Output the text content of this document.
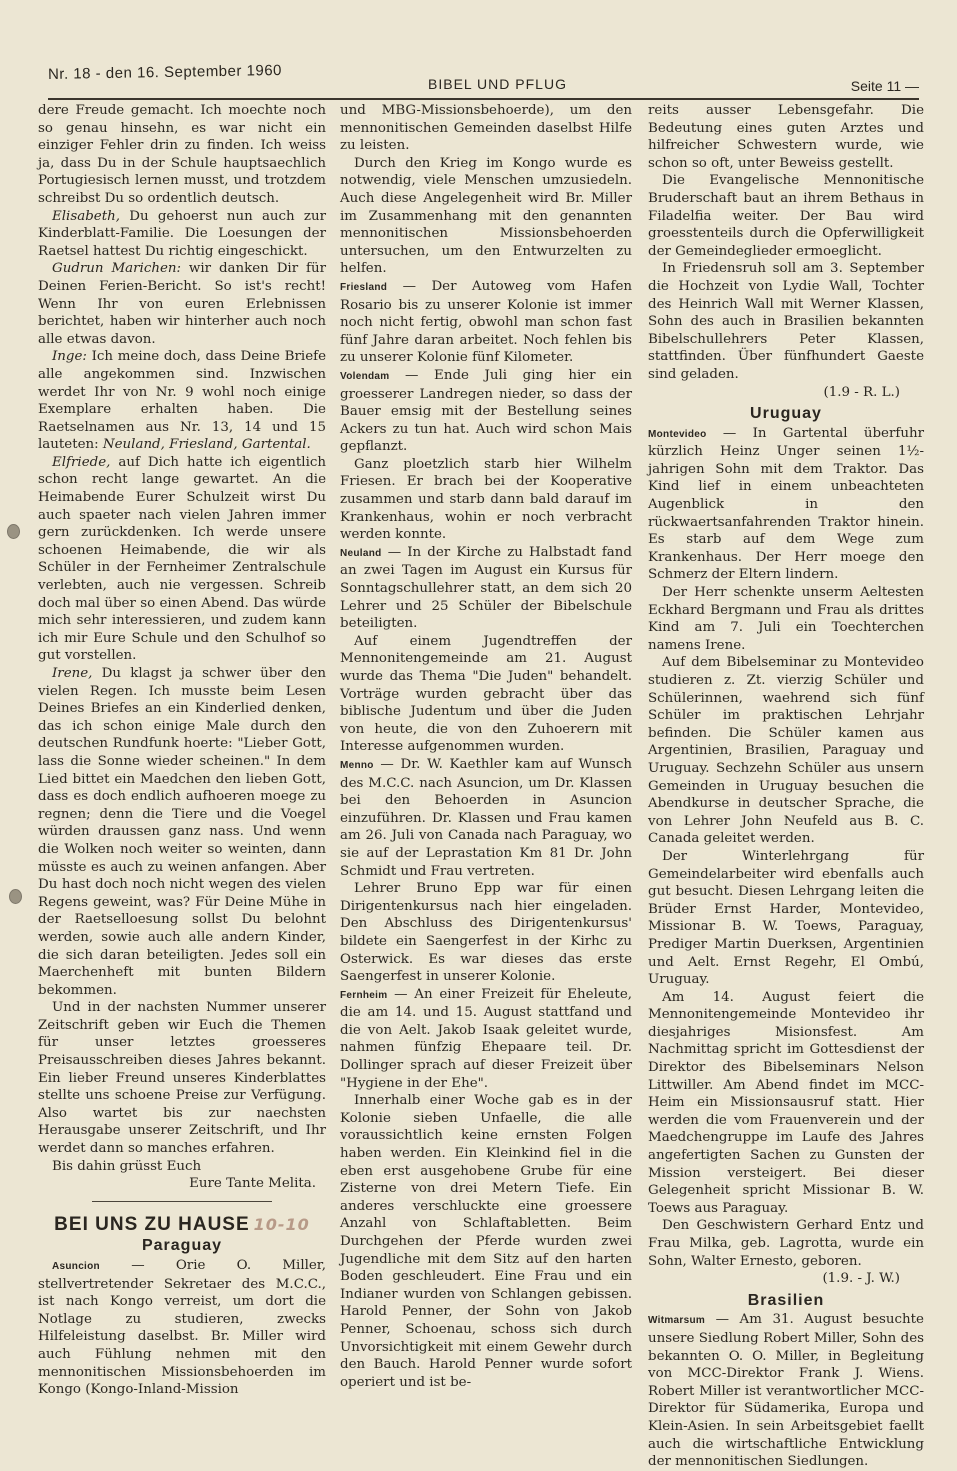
Nr. 18 - den 16. September 1960
BIBEL UND PFLUG	Seite 11 —

dere Freude gemacht. Ich moechte noch so genau hinsehn, es war nicht ein einziger Fehler drin zu finden. Ich weiss ja, dass Du in der Schule hauptsaechlich Portugiesisch lernen musst, und trotzdem schreibst Du so ordentlich deutsch.

Elisabeth, Du gehoerst nun auch zur Kinderblatt-Familie. Die Loesungen der Raetsel hattest Du richtig eingeschickt.

Gudrun Marichen: wir danken Dir für Deinen Ferien-Bericht. So ist's recht! Wenn Ihr von euren Erlebnissen berichtet, haben wir hinterher auch noch alle etwas davon.

Inge: Ich meine doch, dass Deine Briefe alle angekommen sind. Inzwischen werdet Ihr von Nr. 9 wohl noch einige Exemplare erhalten haben. Die Raetselnamen aus Nr. 13, 14 und 15 lauteten: Neuland, Friesland, Gartental.

Elfriede, auf Dich hatte ich eigentlich schon recht lange gewartet. An die Heimabende Eurer Schulzeit wirst Du auch spaeter nach vielen Jahren immer gern zurückdenken. Ich werde unsere schoenen Heimabende, die wir als Schüler in der Fernheimer Zentralschule verlebten, auch nie vergessen. Schreib doch mal über so einen Abend. Das würde mich sehr interessieren, und zudem kann ich mir Eure Schule und den Schulhof so gut vorstellen.

Irene, Du klagst ja schwer über den vielen Regen. Ich musste beim Lesen Deines Briefes an ein Kinderlied denken, das ich schon einige Male durch den deutschen Rundfunk hoerte: "Lieber Gott, lass die Sonne wieder scheinen." In dem Lied bittet ein Maedchen den lieben Gott, dass es doch endlich aufhoeren moege zu regnen; denn die Tiere und die Voegel würden draussen ganz nass. Und wenn die Wolken noch weiter so weinten, dann müsste es auch zu weinen anfangen. Aber Du hast doch noch nicht wegen des vielen Regens geweint, was? Für Deine Mühe in der Raetselloesung sollst Du belohnt werden, sowie auch alle andern Kinder, die sich daran beteiligten. Jedes soll ein Maerchenheft mit bunten Bildern bekommen.

Und in der nachsten Nummer unserer Zeitschrift geben wir Euch die Themen für unser letztes groesseres Preisausschreiben dieses Jahres bekannt. Ein lieber Freund unseres Kinderblattes stellte uns schoene Preise zur Verfügung. Also wartet bis zur naechsten Herausgabe unserer Zeitschrift, und Ihr werdet dann so manches erfahren.

Bis dahin grüsst Euch

Eure Tante Melita.

BEI UNS ZU HAUSE 10-10
Paraguay

Asuncion — Orie O. Miller, stellvertretender Sekretaer des M.C.C., ist nach Kongo verreist, um dort die Notlage zu studieren, zwecks Hilfeleistung daselbst. Br. Miller wird auch Fühlung nehmen mit den mennonitischen Missionsbehoerden im Kongo (Kongo-Inland-Mission

und MBG-Missionsbehoerde), um den mennonitischen Gemeinden daselbst Hilfe zu leisten.

Durch den Krieg im Kongo wurde es notwendig, viele Menschen umzusiedeln. Auch diese Angelegenheit wird Br. Miller im Zusammenhang mit den genannten mennonitischen Missionsbehoerden untersuchen, um den Entwurzelten zu helfen.

Friesland — Der Autoweg vom Hafen Rosario bis zu unserer Kolonie ist immer noch nicht fertig, obwohl man schon fast fünf Jahre daran arbeitet. Noch fehlen bis zu unserer Kolonie fünf Kilometer.

Volendam — Ende Juli ging hier ein groesserer Landregen nieder, so dass der Bauer emsig mit der Bestellung seines Ackers zu tun hat. Auch wird schon Mais gepflanzt.

Ganz ploetzlich starb hier Wilhelm Friesen. Er brach bei der Kooperative zusammen und starb dann bald darauf im Krankenhaus, wohin er noch verbracht werden konnte.

Neuland — In der Kirche zu Halbstadt fand an zwei Tagen im August ein Kursus für Sonntagschullehrer statt, an dem sich 20 Lehrer und 25 Schüler der Bibelschule beteiligten.

Auf einem Jugendtreffen der Mennonitengemeinde am 21. August wurde das Thema "Die Juden" behandelt. Vorträge wurden gebracht über das biblische Judentum und über die Juden von heute, die von den Zuhoerern mit Interesse aufgenommen wurden.

Menno — Dr. W. Kaethler kam auf Wunsch des M.C.C. nach Asuncion, um Dr. Klassen bei den Behoerden in Asuncion einzuführen. Dr. Klassen und Frau kamen am 26. Juli von Canada nach Paraguay, wo sie auf der Leprastation Km 81 Dr. John Schmidt und Frau vertreten.

Lehrer Bruno Epp war für einen Dirigentenkursus nach hier eingeladen. Den Abschluss des Dirigentenkursus' bildete ein Saengerfest in der Kirhc zu Osterwick. Es war dieses das erste Saengerfest in unserer Kolonie.

Fernheim — An einer Freizeit für Eheleute, die am 14. und 15. August stattfand und die von Aelt. Jakob Isaak geleitet wurde, nahmen fünfzig Ehepaare teil. Dr. Dollinger sprach auf dieser Freizeit über "Hygiene in der Ehe".

Innerhalb einer Woche gab es in der Kolonie sieben Unfaelle, die alle voraussichtlich keine ernsten Folgen haben werden. Ein Kleinkind fiel in die eben erst ausgehobene Grube für eine Zisterne von drei Metern Tiefe. Ein anderes verschluckte eine groessere Anzahl von Schlaftabletten. Beim Durchgehen der Pferde wurden zwei Jugendliche mit dem Sitz auf den harten Boden geschleudert. Eine Frau und ein Indianer wurden von Schlangen gebissen. Harold Penner, der Sohn von Jakob Penner, Schoenau, schoss sich durch Unvorsichtigkeit mit einem Gewehr durch den Bauch. Harold Penner wurde sofort operiert und ist be-

reits ausser Lebensgefahr. Die Bedeutung eines guten Arztes und hilfreicher Schwestern wurde, wie schon so oft, unter Beweiss gestellt.

Die Evangelische Mennonitische Bruderschaft baut an ihrem Bethaus in Filadelfia weiter. Der Bau wird groesstenteils durch die Opferwilligkeit der Gemeindeglieder ermoeglicht.

In Friedensruh soll am 3. September die Hochzeit von Lydie Wall, Tochter des Heinrich Wall mit Werner Klassen, Sohn des auch in Brasilien bekannten Bibelschullehrers Peter Klassen, stattfinden. Über fünfhundert Gaeste sind geladen.

(1.9 - R. L.)

Uruguay

Montevideo — In Gartental überfuhr kürzlich Heinz Unger seinen 1½-jahrigen Sohn mit dem Traktor. Das Kind lief in einem unbeachteten Augenblick in den rückwaertsanfahrenden Traktor hinein. Es starb auf dem Wege zum Krankenhaus. Der Herr moege den Schmerz der Eltern lindern.

Der Herr schenkte unserm Aeltesten Eckhard Bergmann und Frau als drittes Kind am 7. Juli ein Toechterchen namens Irene.

Auf dem Bibelseminar zu Montevideo studieren z. Zt. vierzig Schüler und Schülerinnen, waehrend sich fünf Schüler im praktischen Lehrjahr befinden. Die Schüler kamen aus Argentinien, Brasilien, Paraguay und Uruguay. Sechzehn Schüler aus unsern Gemeinden in Uruguay besuchen die Abendkurse in deutscher Sprache, die von Lehrer John Neufeld aus B. C. Canada geleitet werden.

Der Winterlehrgang für Gemeindelarbeiter wird ebenfalls auch gut besucht. Diesen Lehrgang leiten die Brüder Ernst Harder, Montevideo, Missionar B. W. Toews, Paraguay, Prediger Martin Duerksen, Argentinien und Aelt. Ernst Regehr, El Ombú, Uruguay.

Am 14. August feiert die Mennonitengemeinde Montevideo ihr diesjahriges Misionsfest. Am Nachmittag spricht im Gottesdienst der Direktor des Bibelseminars Nelson Littwiller. Am Abend findet im MCC-Heim ein Missionsausruf statt. Hier werden die vom Frauenverein und der Maedchengruppe im Laufe des Jahres angefertigten Sachen zu Gunsten der Mission versteigert. Bei dieser Gelegenheit spricht Missionar B. W. Toews aus Paraguay.

Den Geschwistern Gerhard Entz und Frau Milka, geb. Lagrotta, wurde ein Sohn, Walter Ernesto, geboren.

(1.9. - J. W.)

Brasilien

Witmarsum — Am 31. August besuchte unsere Siedlung Robert Miller, Sohn des bekannten O. O. Miller, in Begleitung von MCC-Direktor Frank J. Wiens. Robert Miller ist verantwortlicher MCC-Direktor für Südamerika, Europa und Klein-Asien. In sein Arbeitsgebiet faellt auch die wirtschaftliche Entwicklung der mennonitischen Siedlungen.
